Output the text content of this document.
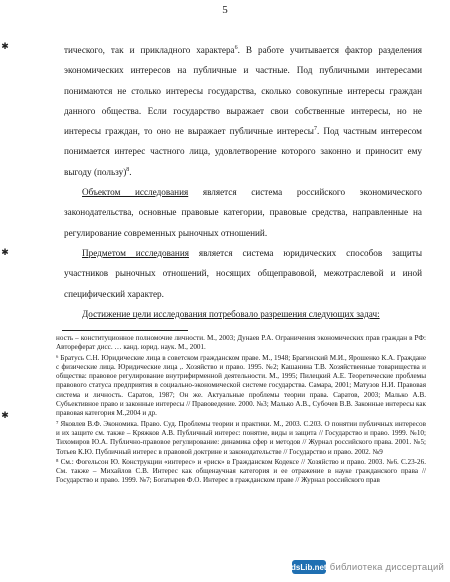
5
✱
✱
✱

тического, так и прикладного характера$^6$. В работе учитывается фактор разделения экономических интересов на публичные и частные. Под публичными интересами понимаются не столько интересы государства, сколько совокупные интересы граждан данного общества. Если государство выражает свои собственные интересы, но не интересы граждан, то оно не выражает публичные интересы$^7$. Под частным интересом понимается интерес частного лица, удовлетворение которого законно и приносит ему выгоду (пользу)$^8$.

Объектом исследования является система российского экономического законодательства, основные правовые категории, правовые средства, направленные на регулирование современных рыночных отношений.

Предметом исследования является система юридических способов защиты участников рыночных отношений, носящих общеправовой, межотраслевой и иной специфический характер.

Достижение цели исследования потребовало разрешения следующих задач:

ность – конституционное полномочие личности. М., 2003; Дунаев Р.А. Ограничения экономических прав граждан в РФ: Автореферат дисс. … канд. юрид. наук. М., 2001.

⁶ Братусь С.Н. Юридические лица в советском гражданском праве. М., 1948; Брагинский М.И., Ярошенко К.А. Граждане с физические лица. Юридические лица ,. Хозяйство и право. 1995. №2; Кашанина Т.В. Хозяйственные товарищества и общества: правовое регулирование внутрифирменной деятельности. М., 1995; Пилецкий А.Е. Теоретические проблемы правового статуса предприятия в социально-экономической системе государства. Самара, 2001; Матузов Н.И. Правовая система и личность. Саратов, 1987; Он же. Актуальные проблемы теории права. Саратов, 2003; Малько А.В. Субъективное право и законные интересы // Правоведение. 2000. №3; Малько А.В., Субочев В.В. Законные интересы как правовая категория М.,2004 и др.

⁷ Яковлев В.Ф. Экономика. Право. Суд. Проблемы теории и практики. М., 2003. С.203. О понятии публичных интересов и их защите см. также – Кряжков А.В. Публичный интерес: понятие, виды и защита // Государство и право. 1999. №10; Тихомиров Ю.А. Публично-правовое регулирование: динамика сфер и методов // Журнал российского права. 2001. №5; Тотьев К.Ю. Публичный интерес в правовой доктрине и законодательстве // Государство и право. 2002. №9

⁸ См.: Фогельсон Ю. Конструкции «интерес» и «риск» в Гражданском Кодексе // Хозяйство и право. 2003. №6. С.23-26. См. также – Михайлов С.В. Интерес как общенаучная категория и ее отражение в науке гражданского права // Государство и право. 1999. №7; Богатырев Ф.О. Интерес в гражданском праве // Журнал российского прав

dsLib.net библиотека диссертаций
